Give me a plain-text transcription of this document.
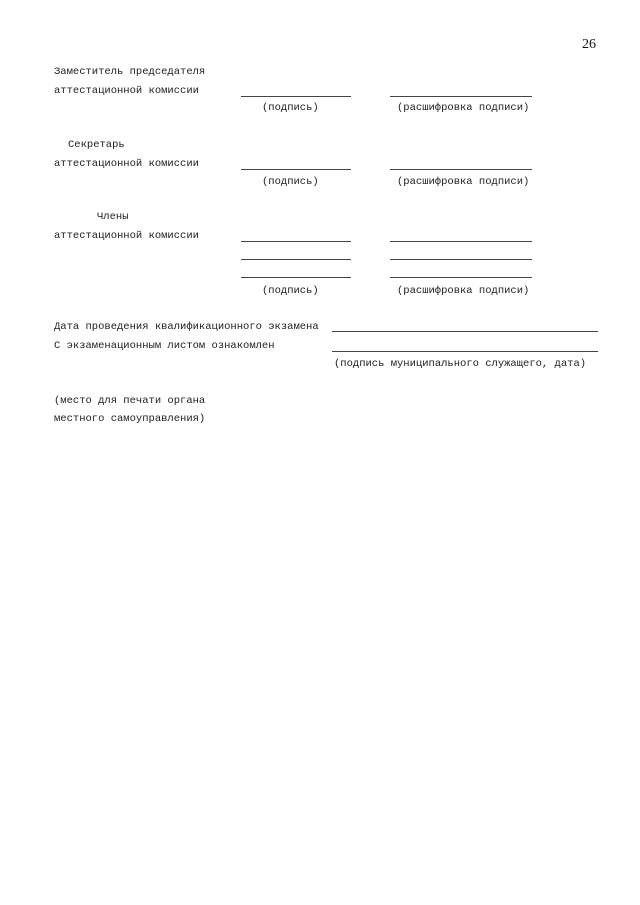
26
Заместитель председателя
аттестационной комиссии
(подпись)	(расшифровка подписи)
Секретарь
аттестационной комиссии
(подпись)	(расшифровка подписи)
Члены
аттестационной комиссии
(подпись)	(расшифровка подписи)
Дата проведения квалификационного экзамена
С экзаменационным листом ознакомлен
(подпись муниципального служащего, дата)
(место для печати органа
местного самоуправления)
